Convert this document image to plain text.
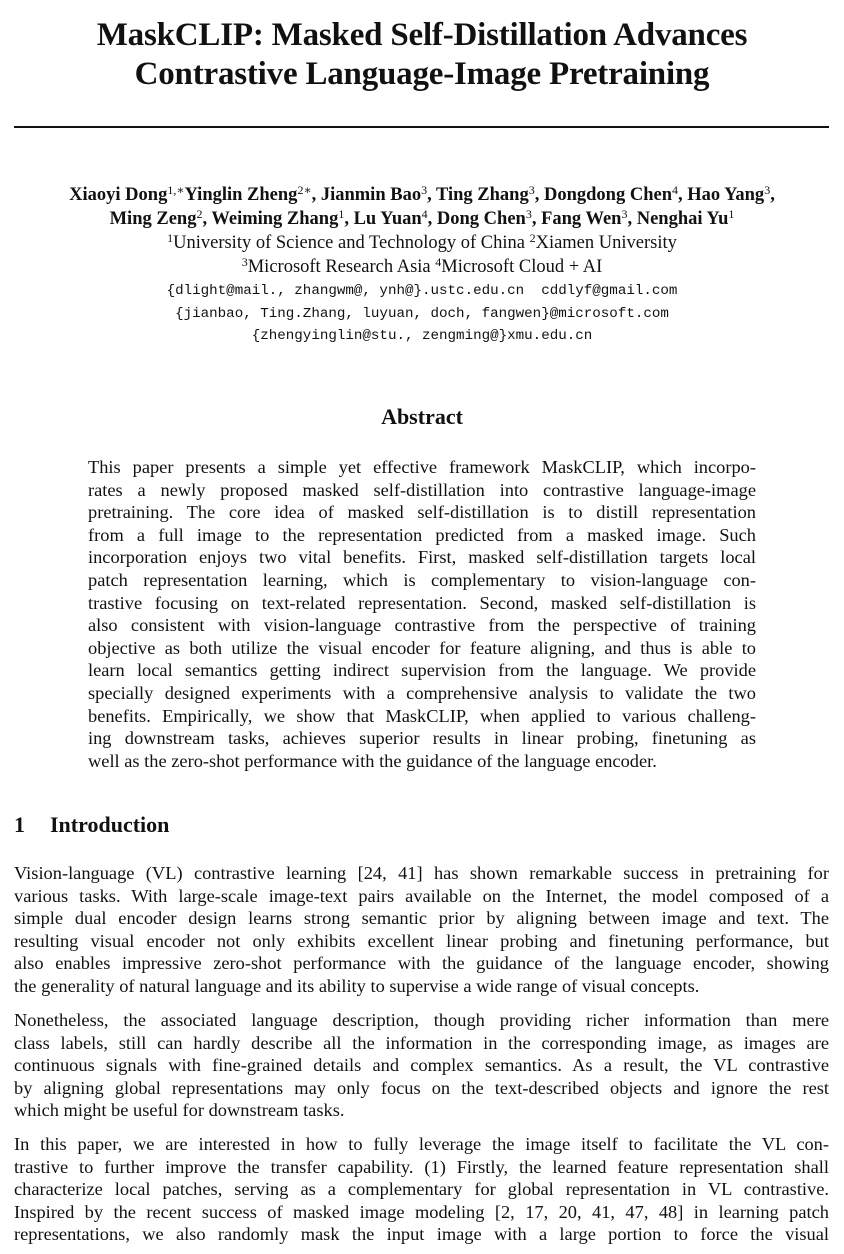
MaskCLIP: Masked Self-Distillation Advances
Contrastive Language-Image Pretraining
Xiaoyi Dong$^{1,∗}$Yinglin Zheng$^{2∗}$, Jianmin Bao$^3$, Ting Zhang$^3$, Dongdong Chen$^4$, Hao Yang$^3$,
Ming Zeng$^2$, Weiming Zhang$^1$, Lu Yuan$^4$, Dong Chen$^3$, Fang Wen$^3$, Nenghai Yu$^1$
$^1$University of Science and Technology of China $^2$Xiamen University
$^3$Microsoft Research Asia $^4$Microsoft Cloud + AI
{dlight@mail., zhangwm@, ynh@}.ustc.edu.cn  cddlyf@gmail.com
{jianbao, Ting.Zhang, luyuan, doch, fangwen}@microsoft.com
{zhengyinglin@stu., zengming@}xmu.edu.cn
Abstract
This paper presents a simple yet effective framework MaskCLIP, which incorpo-
rates a newly proposed masked self-distillation into contrastive language-image
pretraining. The core idea of masked self-distillation is to distill representation
from a full image to the representation predicted from a masked image. Such
incorporation enjoys two vital benefits. First, masked self-distillation targets local
patch representation learning, which is complementary to vision-language con-
trastive focusing on text-related representation. Second, masked self-distillation is
also consistent with vision-language contrastive from the perspective of training
objective as both utilize the visual encoder for feature aligning, and thus is able to
learn local semantics getting indirect supervision from the language. We provide
specially designed experiments with a comprehensive analysis to validate the two
benefits. Empirically, we show that MaskCLIP, when applied to various challeng-
ing downstream tasks, achieves superior results in linear probing, finetuning as
well as the zero-shot performance with the guidance of the language encoder.
1 Introduction
Vision-language (VL) contrastive learning [24, 41] has shown remarkable success in pretraining for
various tasks. With large-scale image-text pairs available on the Internet, the model composed of a
simple dual encoder design learns strong semantic prior by aligning between image and text. The
resulting visual encoder not only exhibits excellent linear probing and finetuning performance, but
also enables impressive zero-shot performance with the guidance of the language encoder, showing
the generality of natural language and its ability to supervise a wide range of visual concepts.
Nonetheless, the associated language description, though providing richer information than mere
class labels, still can hardly describe all the information in the corresponding image, as images are
continuous signals with fine-grained details and complex semantics. As a result, the VL contrastive
by aligning global representations may only focus on the text-described objects and ignore the rest
which might be useful for downstream tasks.
In this paper, we are interested in how to fully leverage the image itself to facilitate the VL con-
trastive to further improve the transfer capability. (1) Firstly, the learned feature representation shall
characterize local patches, serving as a complementary for global representation in VL contrastive.
Inspired by the recent success of masked image modeling [2, 17, 20, 41, 47, 48] in learning patch
representations, we also randomly mask the input image with a large portion to force the visual
